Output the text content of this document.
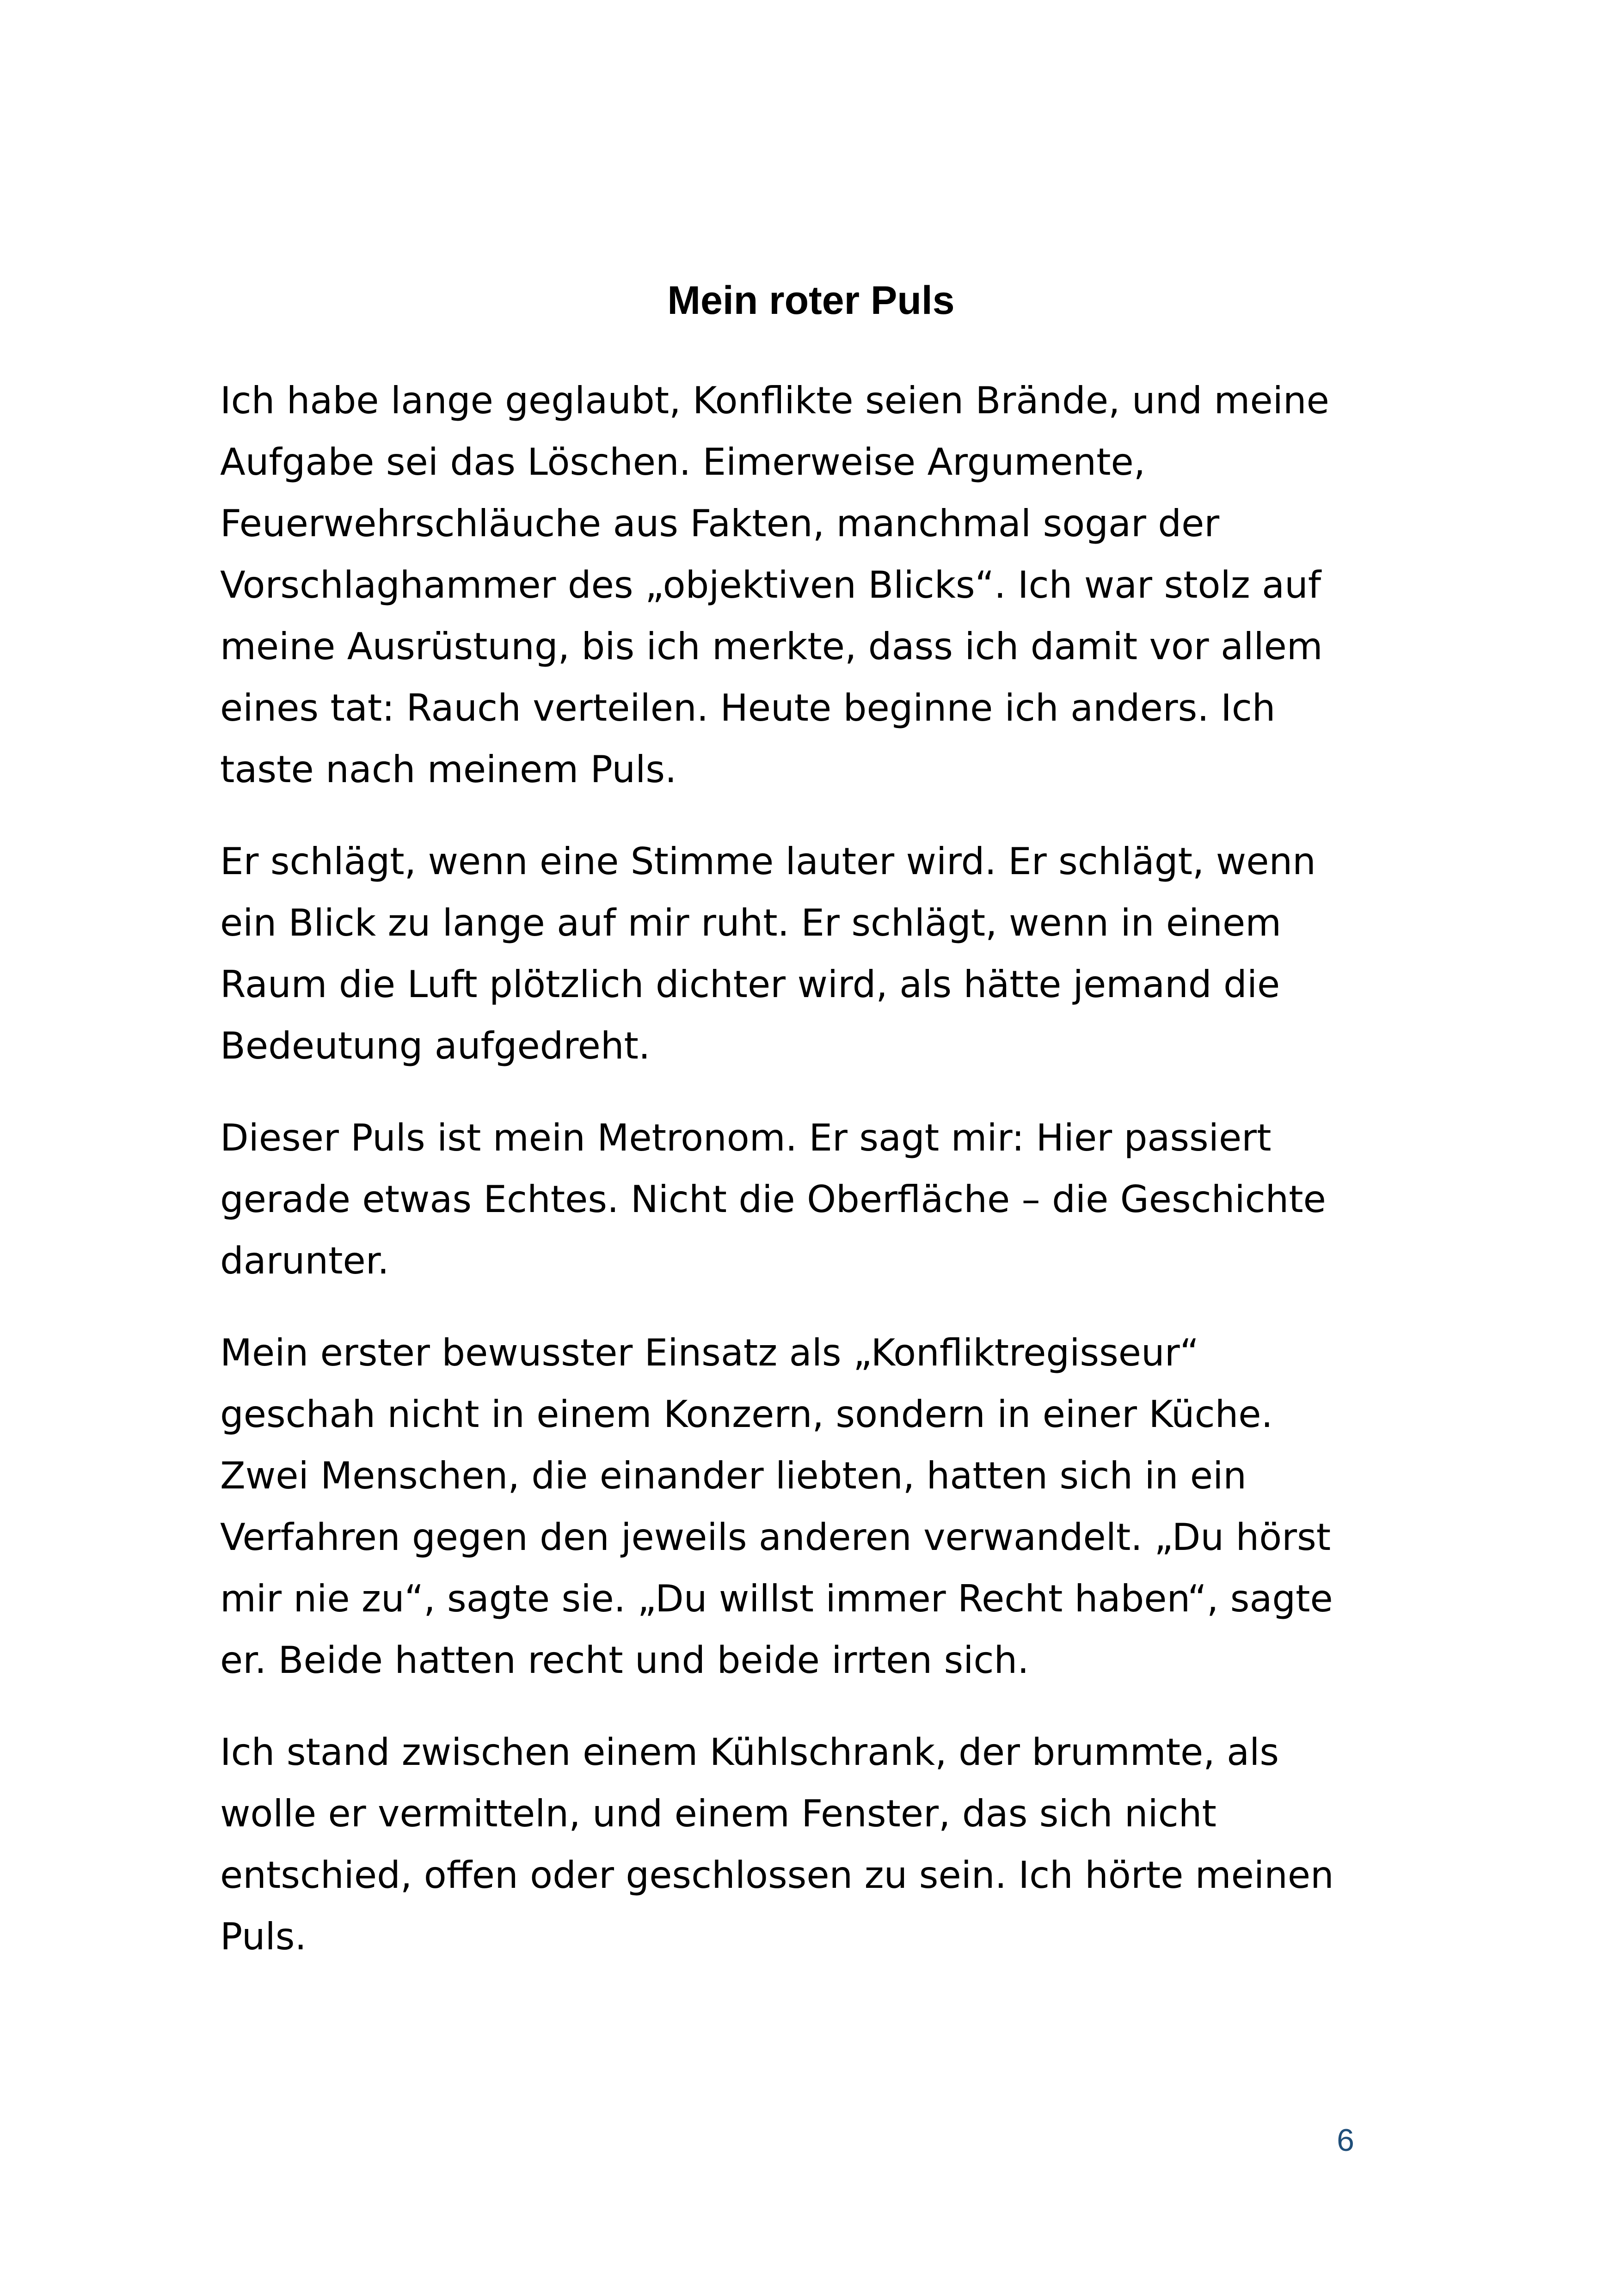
Mein roter Puls

Ich habe lange geglaubt, Konflikte seien Brände, und meine
Aufgabe sei das Löschen. Eimerweise Argumente,
Feuerwehrschläuche aus Fakten, manchmal sogar der
Vorschlaghammer des „objektiven Blicks“. Ich war stolz auf
meine Ausrüstung, bis ich merkte, dass ich damit vor allem
eines tat: Rauch verteilen. Heute beginne ich anders. Ich
taste nach meinem Puls.

Er schlägt, wenn eine Stimme lauter wird. Er schlägt, wenn
ein Blick zu lange auf mir ruht. Er schlägt, wenn in einem
Raum die Luft plötzlich dichter wird, als hätte jemand die
Bedeutung aufgedreht.

Dieser Puls ist mein Metronom. Er sagt mir: Hier passiert
gerade etwas Echtes. Nicht die Oberfläche – die Geschichte
darunter.

Mein erster bewusster Einsatz als „Konfliktregisseur“
geschah nicht in einem Konzern, sondern in einer Küche.
Zwei Menschen, die einander liebten, hatten sich in ein
Verfahren gegen den jeweils anderen verwandelt. „Du hörst
mir nie zu“, sagte sie. „Du willst immer Recht haben“, sagte
er. Beide hatten recht und beide irrten sich.

Ich stand zwischen einem Kühlschrank, der brummte, als
wolle er vermitteln, und einem Fenster, das sich nicht
entschied, offen oder geschlossen zu sein. Ich hörte meinen
Puls.

6
